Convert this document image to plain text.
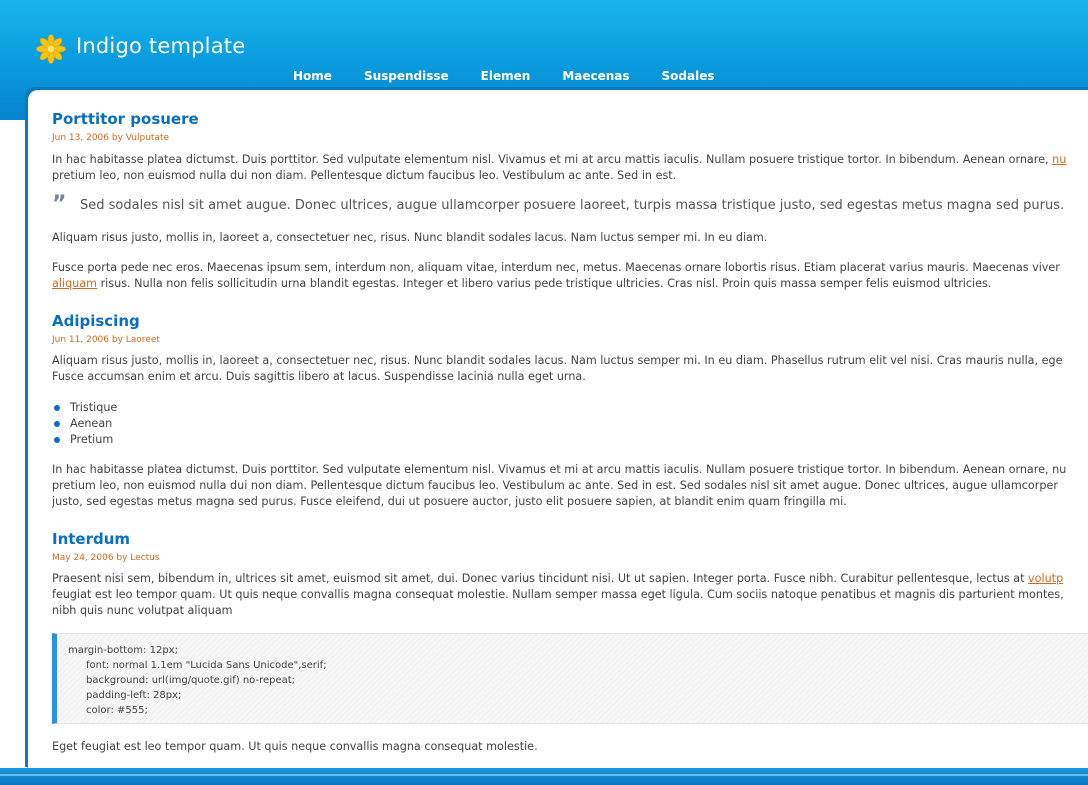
Indigo template
Home	Suspendisse	Elemen	Maecenas	Sodales
Porttitor posuere
Jun 13, 2006 by Vulputate

In hac habitasse platea dictumst. Duis porttitor. Sed vulputate elementum nisl. Vivamus et mi at arcu mattis iaculis. Nullam posuere tristique tortor. In bibendum. Aenean ornare, nu
pretium leo, non euismod nulla dui non diam. Pellentesque dictum faucibus leo. Vestibulum ac ante. Sed in est.

” Sed sodales nisl sit amet augue. Donec ultrices, augue ullamcorper posuere laoreet, turpis massa tristique justo, sed egestas metus magna sed purus.

Aliquam risus justo, mollis in, laoreet a, consectetuer nec, risus. Nunc blandit sodales lacus. Nam luctus semper mi. In eu diam.

Fusce porta pede nec eros. Maecenas ipsum sem, interdum non, aliquam vitae, interdum nec, metus. Maecenas ornare lobortis risus. Etiam placerat varius mauris. Maecenas viver
aliquam risus. Nulla non felis sollicitudin urna blandit egestas. Integer et libero varius pede tristique ultricies. Cras nisl. Proin quis massa semper felis euismod ultricies.

Adipiscing
Jun 11, 2006 by Laoreet

Aliquam risus justo, mollis in, laoreet a, consectetuer nec, risus. Nunc blandit sodales lacus. Nam luctus semper mi. In eu diam. Phasellus rutrum elit vel nisi. Cras mauris nulla, ege
Fusce accumsan enim et arcu. Duis sagittis libero at lacus. Suspendisse lacinia nulla eget urna.

Tristique
Aenean
Pretium

In hac habitasse platea dictumst. Duis porttitor. Sed vulputate elementum nisl. Vivamus et mi at arcu mattis iaculis. Nullam posuere tristique tortor. In bibendum. Aenean ornare, nu
pretium leo, non euismod nulla dui non diam. Pellentesque dictum faucibus leo. Vestibulum ac ante. Sed in est. Sed sodales nisl sit amet augue. Donec ultrices, augue ullamcorper
justo, sed egestas metus magna sed purus. Fusce eleifend, dui ut posuere auctor, justo elit posuere sapien, at blandit enim quam fringilla mi.

Interdum
May 24, 2006 by Lectus

Praesent nisi sem, bibendum in, ultrices sit amet, euismod sit amet, dui. Donec varius tincidunt nisi. Ut ut sapien. Integer porta. Fusce nibh. Curabitur pellentesque, lectus at volutp
feugiat est leo tempor quam. Ut quis neque convallis magna consequat molestie. Nullam semper massa eget ligula. Cum sociis natoque penatibus et magnis dis parturient montes,
nibh quis nunc volutpat aliquam

margin-bottom: 12px;
font: normal 1.1em "Lucida Sans Unicode",serif;
background: url(img/quote.gif) no-repeat;
padding-left: 28px;
color: #555;

Eget feugiat est leo tempor quam. Ut quis neque convallis magna consequat molestie.
